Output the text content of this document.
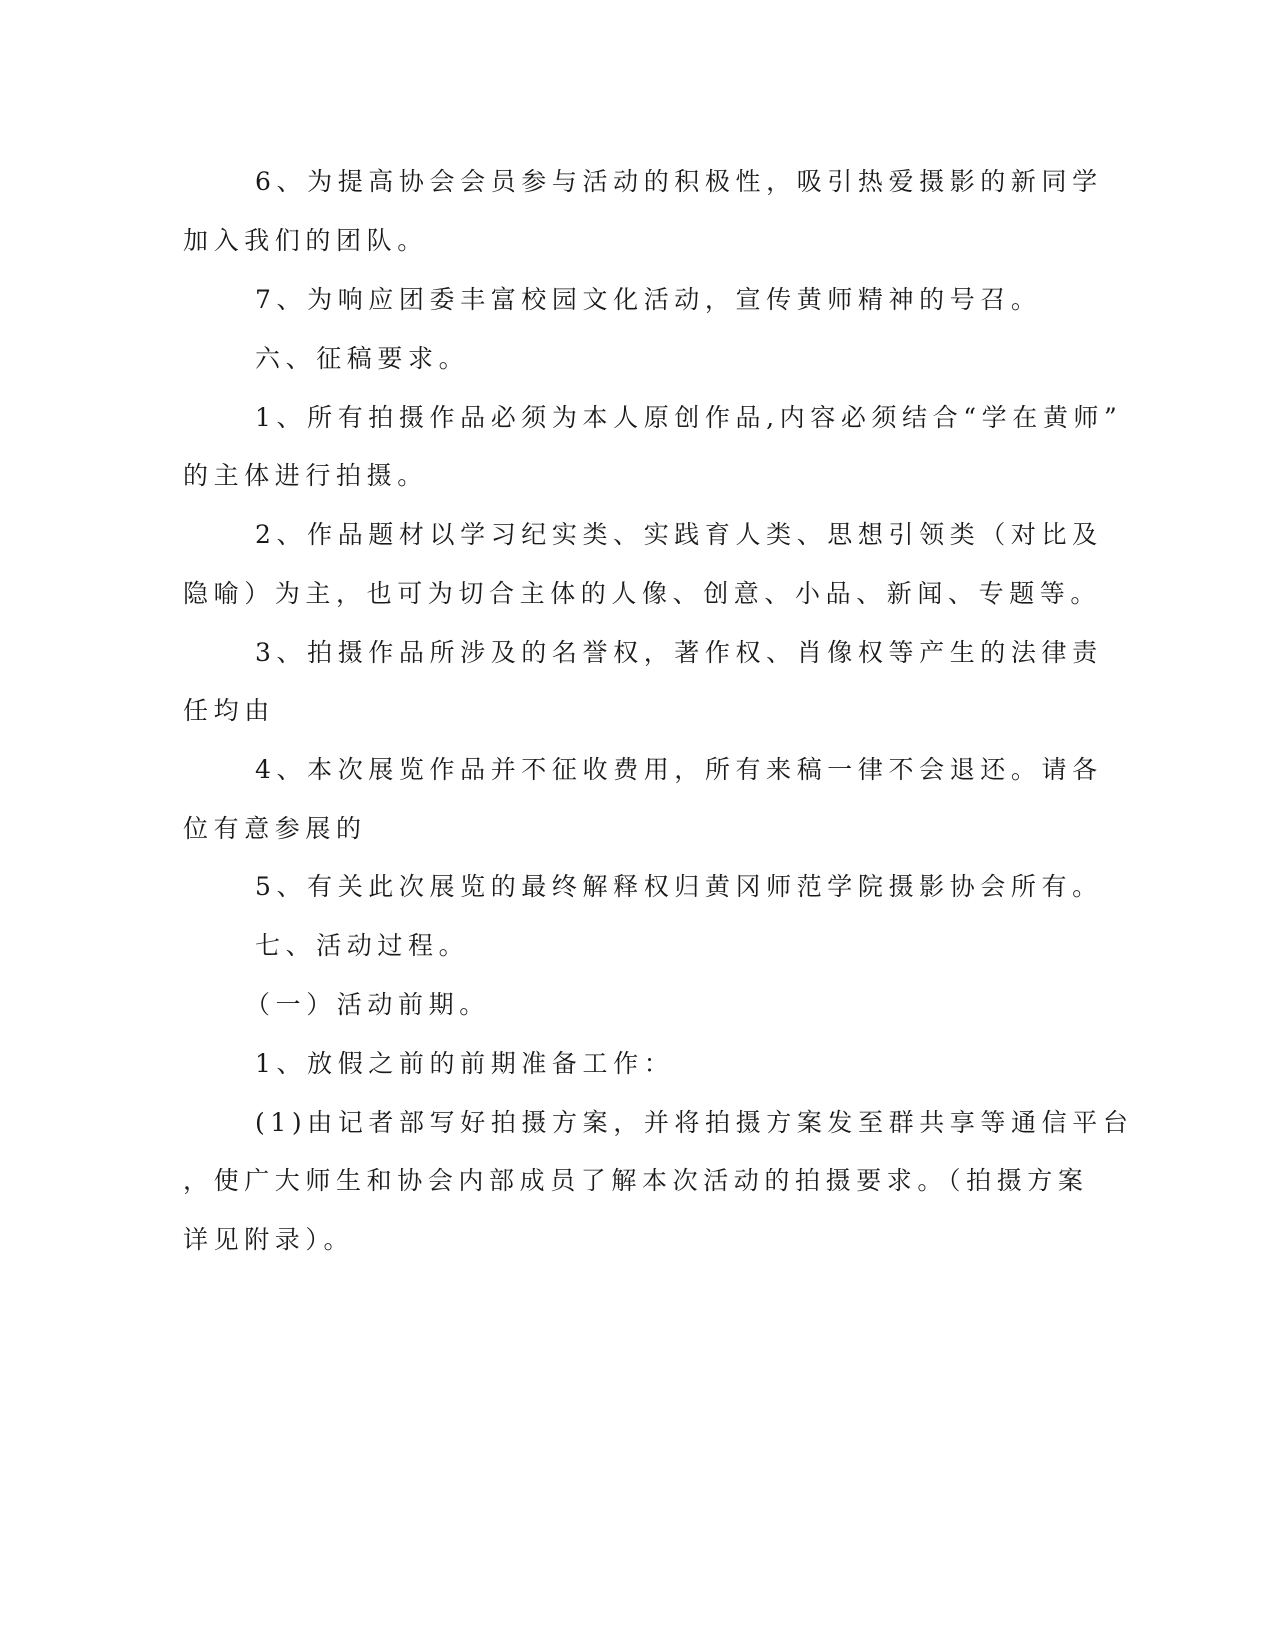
6、为提高协会会员参与活动的积极性，吸引热爱摄影的新同学
加入我们的团队。
7、为响应团委丰富校园文化活动，宣传黄师精神的号召。
六、征稿要求。
1、所有拍摄作品必须为本人原创作品,内容必须结合“学在黄师”
的主体进行拍摄。
2、作品题材以学习纪实类、实践育人类、思想引领类（对比及
隐喻）为主，也可为切合主体的人像、创意、小品、新闻、专题等。
3、拍摄作品所涉及的名誉权，著作权、肖像权等产生的法律责
任均由
4、本次展览作品并不征收费用，所有来稿一律不会退还。请各
位有意参展的
5、有关此次展览的最终解释权归黄冈师范学院摄影协会所有。
七、活动过程。
（一）活动前期。
1、放假之前的前期准备工作：
(1)由记者部写好拍摄方案，并将拍摄方案发至群共享等通信平台
，使广大师生和协会内部成员了解本次活动的拍摄要求。（拍摄方案
详见附录）。
